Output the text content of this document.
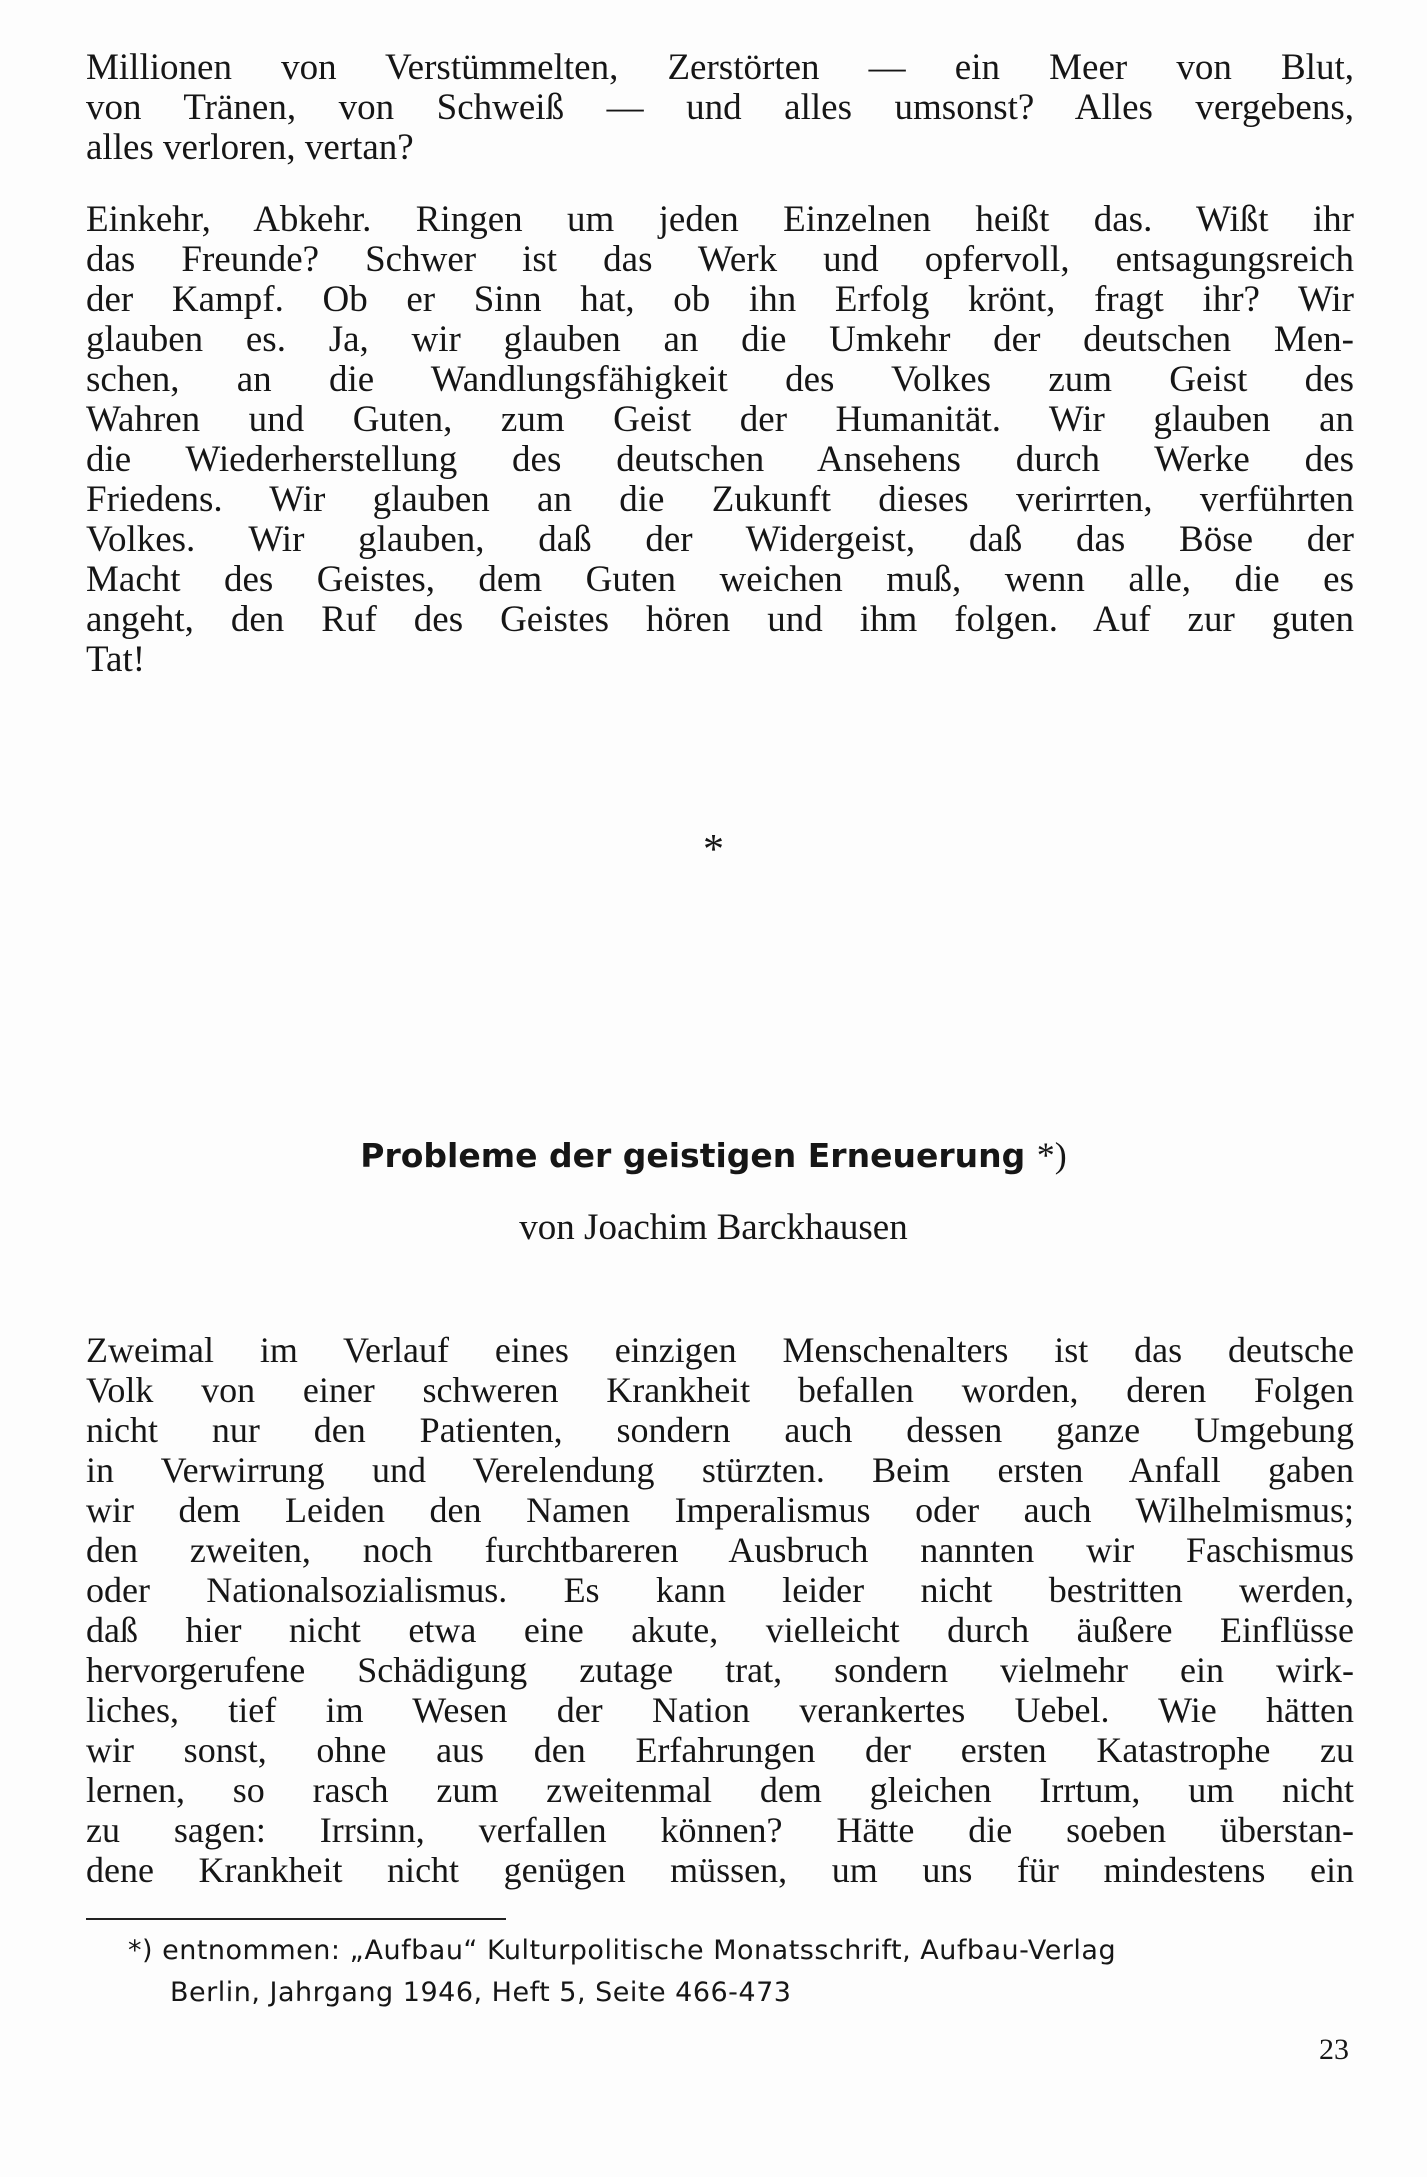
Millionen von Verstümmelten, Zerstörten — ein Meer von Blut,
von Tränen, von Schweiß — und alles umsonst? Alles vergebens,
alles verloren, vertan?
Einkehr, Abkehr. Ringen um jeden Einzelnen heißt das. Wißt ihr
das Freunde? Schwer ist das Werk und opfervoll, entsagungsreich
der Kampf. Ob er Sinn hat, ob ihn Erfolg krönt, fragt ihr? Wir
glauben es. Ja, wir glauben an die Umkehr der deutschen Men-
schen, an die Wandlungsfähigkeit des Volkes zum Geist des
Wahren und Guten, zum Geist der Humanität. Wir glauben an
die Wiederherstellung des deutschen Ansehens durch Werke des
Friedens. Wir glauben an die Zukunft dieses verirrten, verführten
Volkes. Wir glauben, daß der Widergeist, daß das Böse der
Macht des Geistes, dem Guten weichen muß, wenn alle, die es
angeht, den Ruf des Geistes hören und ihm folgen. Auf zur guten
Tat!
*
Probleme der geistigen Erneuerung *)
von Joachim Barckhausen
Zweimal im Verlauf eines einzigen Menschenalters ist das deutsche
Volk von einer schweren Krankheit befallen worden, deren Folgen
nicht nur den Patienten, sondern auch dessen ganze Umgebung
in Verwirrung und Verelendung stürzten. Beim ersten Anfall gaben
wir dem Leiden den Namen Imperalismus oder auch Wilhelmismus;
den zweiten, noch furchtbareren Ausbruch nannten wir Faschismus
oder Nationalsozialismus. Es kann leider nicht bestritten werden,
daß hier nicht etwa eine akute, vielleicht durch äußere Einflüsse
hervorgerufene Schädigung zutage trat, sondern vielmehr ein wirk-
liches, tief im Wesen der Nation verankertes Uebel. Wie hätten
wir sonst, ohne aus den Erfahrungen der ersten Katastrophe zu
lernen, so rasch zum zweitenmal dem gleichen Irrtum, um nicht
zu sagen: Irrsinn, verfallen können? Hätte die soeben überstan-
dene Krankheit nicht genügen müssen, um uns für mindestens ein
*) entnommen: „Aufbau“ Kulturpolitische Monatsschrift, Aufbau-Verlag
Berlin, Jahrgang 1946, Heft 5, Seite 466-473
23
